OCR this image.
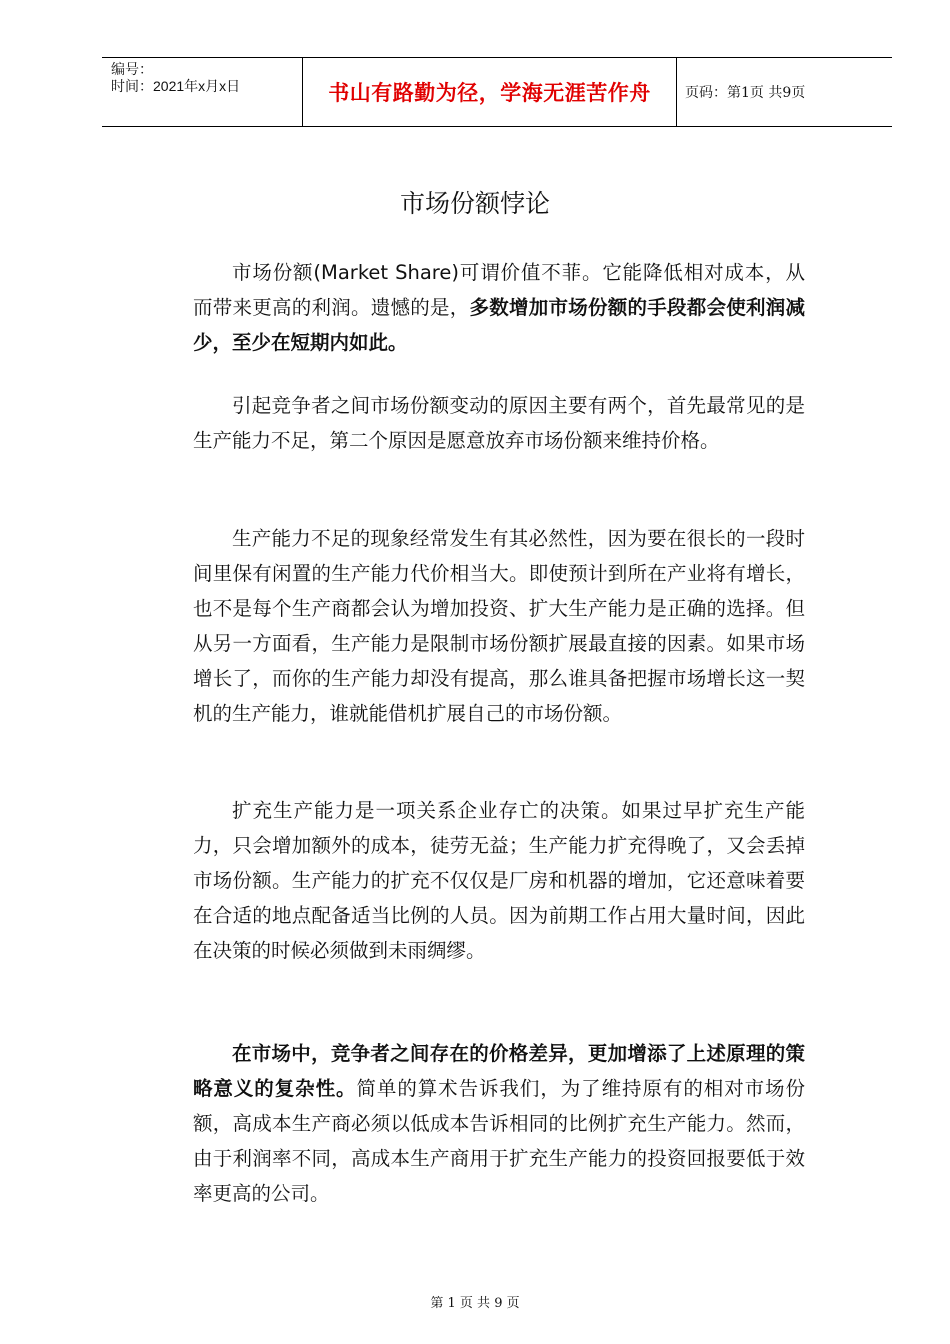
编号：
时间：2021年x月x日	书山有路勤为径，学海无涯苦作舟	页码：第1页 共9页
市场份额悖论

市场份额(Market Share)可谓价值不菲。它能降低相对成本，从而带来更高的利润。遗憾的是，多数增加市场份额的手段都会使利润减少，至少在短期内如此。

引起竞争者之间市场份额变动的原因主要有两个，首先最常见的是生产能力不足，第二个原因是愿意放弃市场份额来维持价格。

生产能力不足的现象经常发生有其必然性，因为要在很长的一段时间里保有闲置的生产能力代价相当大。即使预计到所在产业将有增长，也不是每个生产商都会认为增加投资、扩大生产能力是正确的选择。但从另一方面看，生产能力是限制市场份额扩展最直接的因素。如果市场增长了，而你的生产能力却没有提高，那么谁具备把握市场增长这一契机的生产能力，谁就能借机扩展自己的市场份额。

扩充生产能力是一项关系企业存亡的决策。如果过早扩充生产能力，只会增加额外的成本，徒劳无益；生产能力扩充得晚了，又会丢掉市场份额。生产能力的扩充不仅仅是厂房和机器的增加，它还意味着要在合适的地点配备适当比例的人员。因为前期工作占用大量时间，因此在决策的时候必须做到未雨绸缪。

在市场中，竞争者之间存在的价格差异，更加增添了上述原理的策略意义的复杂性。简单的算术告诉我们，为了维持原有的相对市场份额，高成本生产商必须以低成本告诉相同的比例扩充生产能力。然而，由于利润率不同，高成本生产商用于扩充生产能力的投资回报要低于效率更高的公司。

第 1 页 共 9 页
